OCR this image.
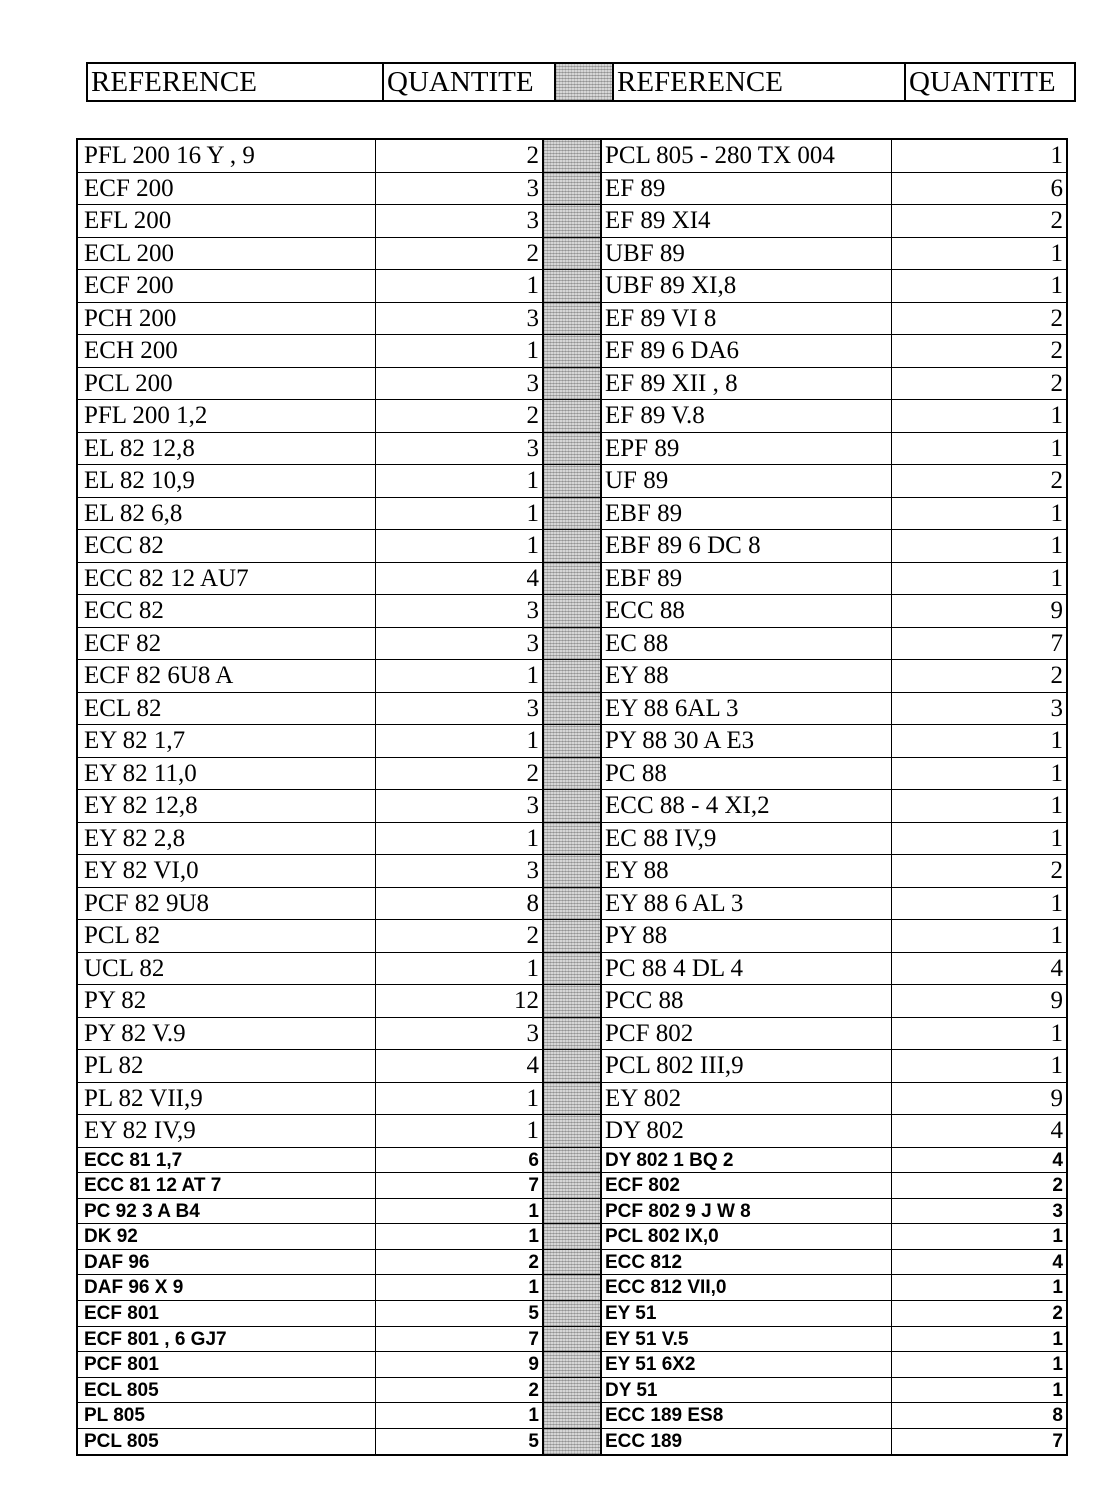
REFERENCE	QUANTITE	REFERENCE	QUANTITE
PFL 200 16 Y , 9	2	PCL 805 - 280 TX 004	1
ECF 200	3	EF 89	6
EFL 200	3	EF 89 XI4	2
ECL 200	2	UBF 89	1
ECF 200	1	UBF 89 XI,8	1
PCH 200	3	EF 89 VI 8	2
ECH 200	1	EF 89 6 DA6	2
PCL 200	3	EF 89 XII , 8	2
PFL 200 1,2	2	EF 89 V.8	1
EL 82 12,8	3	EPF 89	1
EL 82 10,9	1	UF 89	2
EL 82 6,8	1	EBF 89	1
ECC 82	1	EBF 89 6 DC 8	1
ECC 82 12 AU7	4	EBF 89	1
ECC 82	3	ECC 88	9
ECF 82	3	EC 88	7
ECF 82 6U8 A	1	EY 88	2
ECL 82	3	EY 88 6AL 3	3
EY 82 1,7	1	PY 88 30 A E3	1
EY 82 11,0	2	PC 88	1
EY 82 12,8	3	ECC 88 - 4 XI,2	1
EY 82 2,8	1	EC 88 IV,9	1
EY 82 VI,0	3	EY 88	2
PCF 82 9U8	8	EY 88 6 AL 3	1
PCL 82	2	PY 88	1
UCL 82	1	PC 88 4 DL 4	4
PY 82	12	PCC 88	9
PY 82 V.9	3	PCF 802	1
PL 82	4	PCL 802 III,9	1
PL 82 VII,9	1	EY 802	9
EY 82 IV,9	1	DY 802	4
ECC 81 1,7	6	DY 802 1 BQ 2	4
ECC 81 12 AT 7	7	ECF 802	2
PC 92 3 A B4	1	PCF 802 9 J W 8	3
DK 92	1	PCL 802 IX,0	1
DAF 96	2	ECC 812	4
DAF 96 X 9	1	ECC 812 VII,0	1
ECF 801	5	EY 51	2
ECF 801 , 6 GJ7	7	EY 51 V.5	1
PCF 801	9	EY 51 6X2	1
ECL 805	2	DY 51	1
PL 805	1	ECC 189 ES8	8
PCL 805	5	ECC 189	7
